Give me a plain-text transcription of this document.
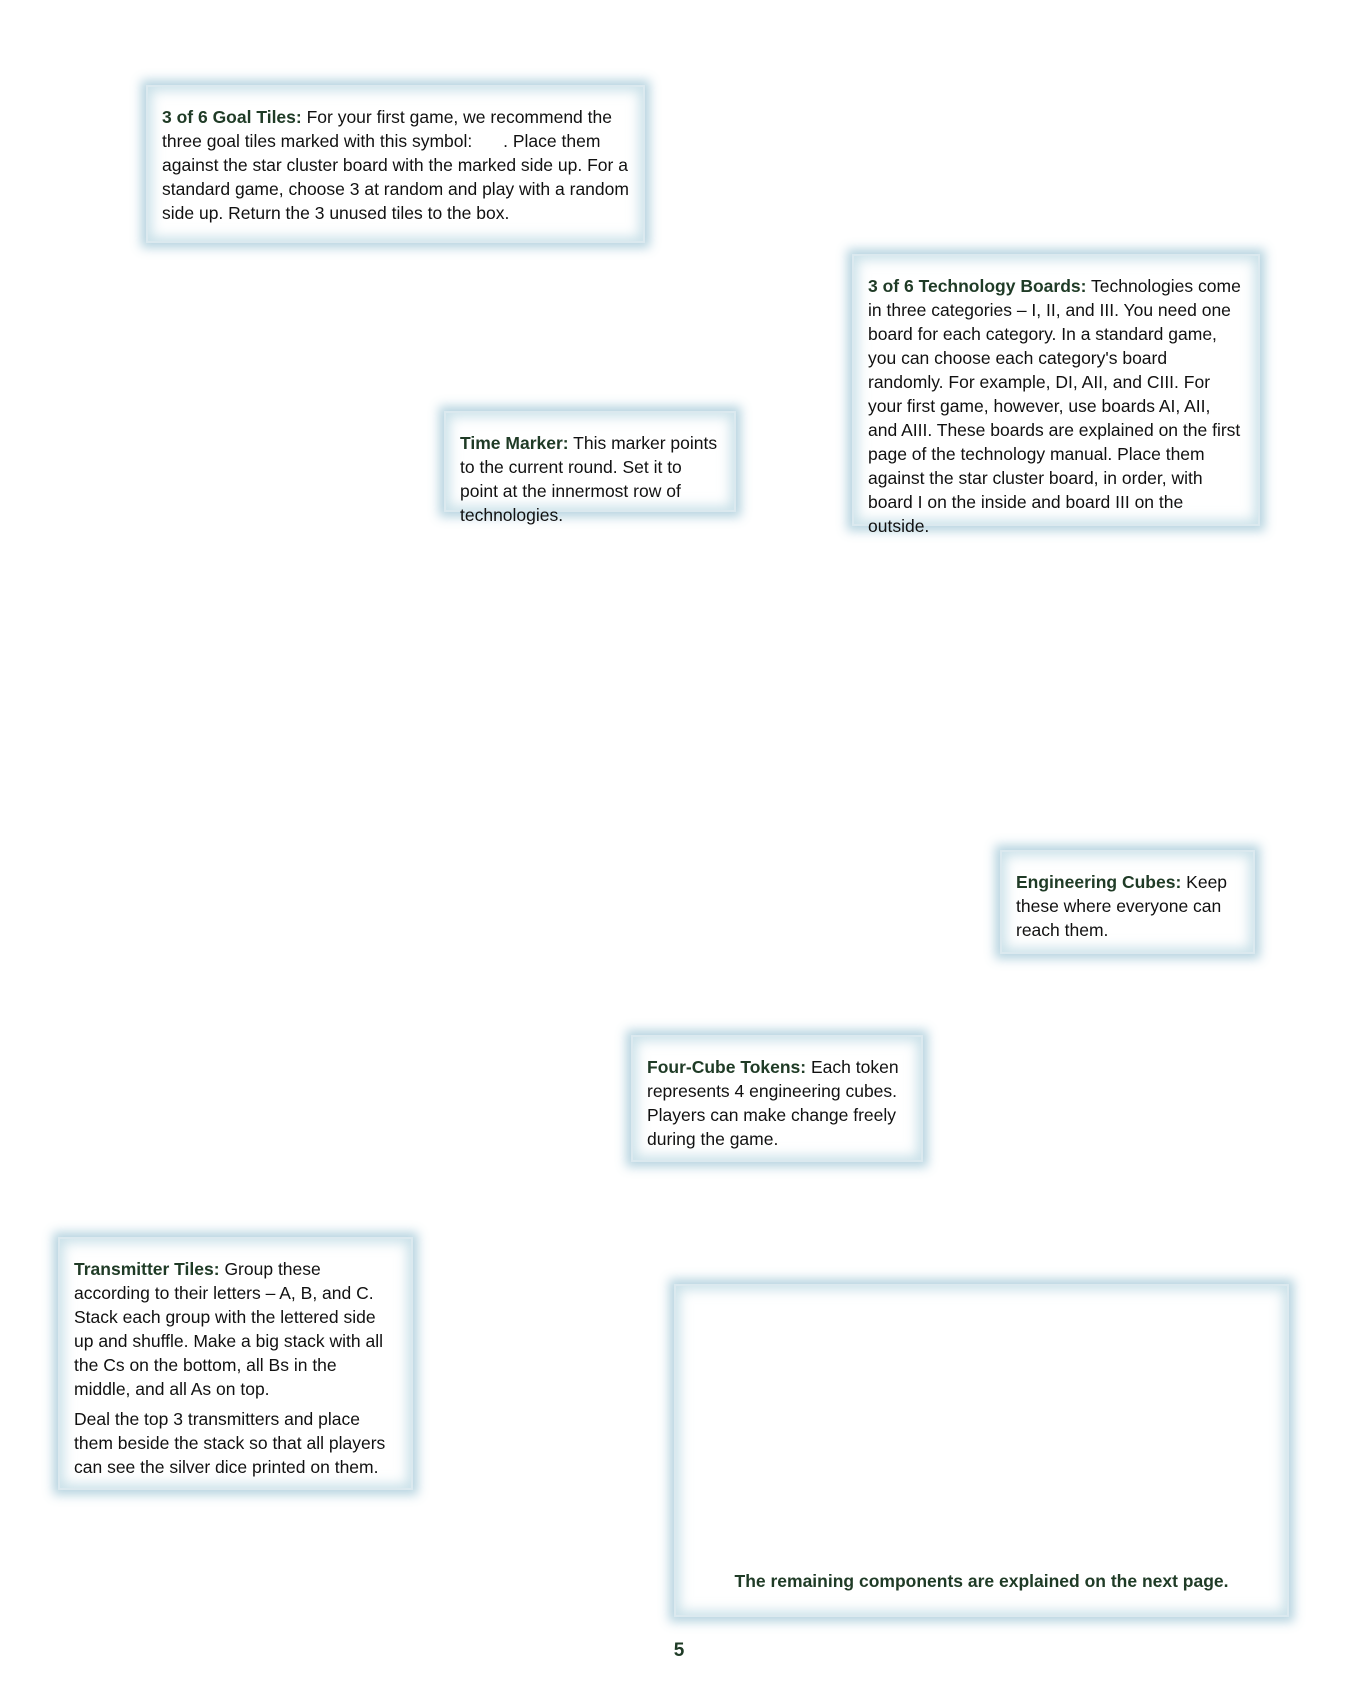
3 of 6 Goal Tiles: For your first game, we recommend the three goal tiles marked with this symbol: . Place them against the star cluster board with the marked side up. For a standard game, choose 3 at random and play with a random side up. Return the 3 unused tiles to the box.

3 of 6 Technology Boards: Technologies come in three categories – I, II, and III. You need one board for each category. In a standard game, you can choose each category's board randomly. For example, DI, AII, and CIII. For your first game, however, use boards AI, AII, and AIII. These boards are explained on the first page of the technology manual. Place them against the star cluster board, in order, with board I on the inside and board III on the outside.

Time Marker: This marker points to the current round. Set it to point at the innermost row of technologies.

Engineering Cubes: Keep these where everyone can reach them.

Four-Cube Tokens: Each token represents 4 engineering cubes. Players can make change freely during the game.

Transmitter Tiles: Group these according to their letters – A, B, and C. Stack each group with the lettered side up and shuffle. Make a big stack with all the Cs on the bottom, all Bs in the middle, and all As on top.

Deal the top 3 transmitters and place them beside the stack so that all players can see the silver dice printed on them.

The remaining components are explained on the next page.
5
